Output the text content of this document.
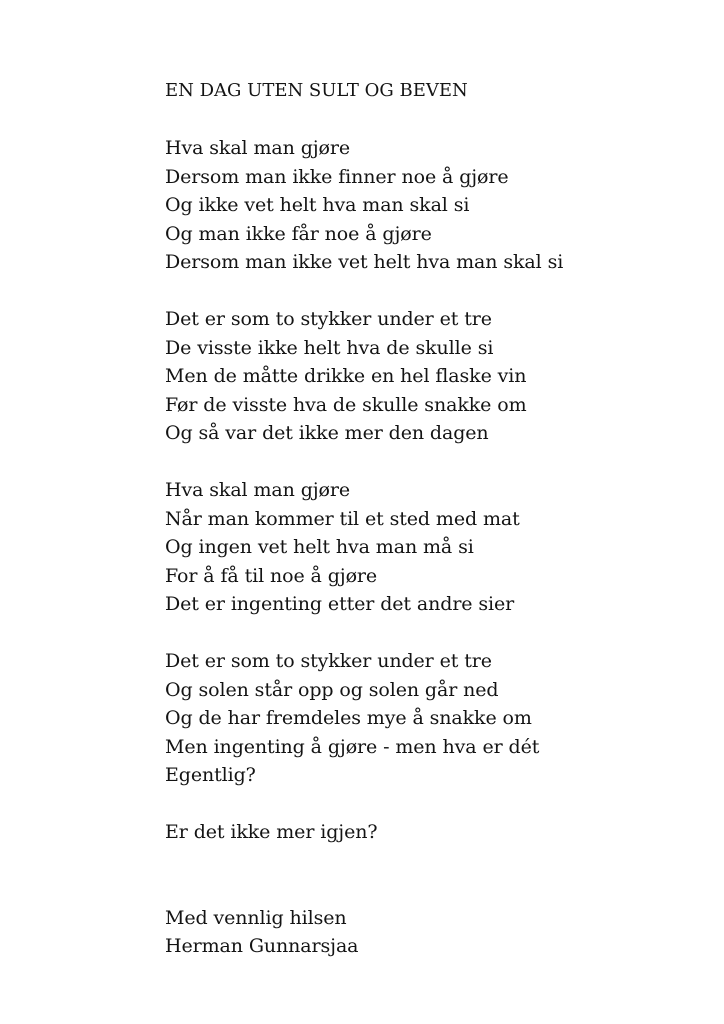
EN DAG UTEN SULT OG BEVEN
Hva skal man gjøre
Dersom man ikke finner noe å gjøre
Og ikke vet helt hva man skal si
Og man ikke får noe å gjøre
Dersom man ikke vet helt hva man skal si
Det er som to stykker under et tre
De visste ikke helt hva de skulle si
Men de måtte drikke en hel flaske vin
Før de visste hva de skulle snakke om
Og så var det ikke mer den dagen
Hva skal man gjøre
Når man kommer til et sted med mat
Og ingen vet helt hva man må si
For å få til noe å gjøre
Det er ingenting etter det andre sier
Det er som to stykker under et tre
Og solen står opp og solen går ned
Og de har fremdeles mye å snakke om
Men ingenting å gjøre - men hva er dét
Egentlig?
Er det ikke mer igjen?
Med vennlig hilsen
Herman Gunnarsjaa
